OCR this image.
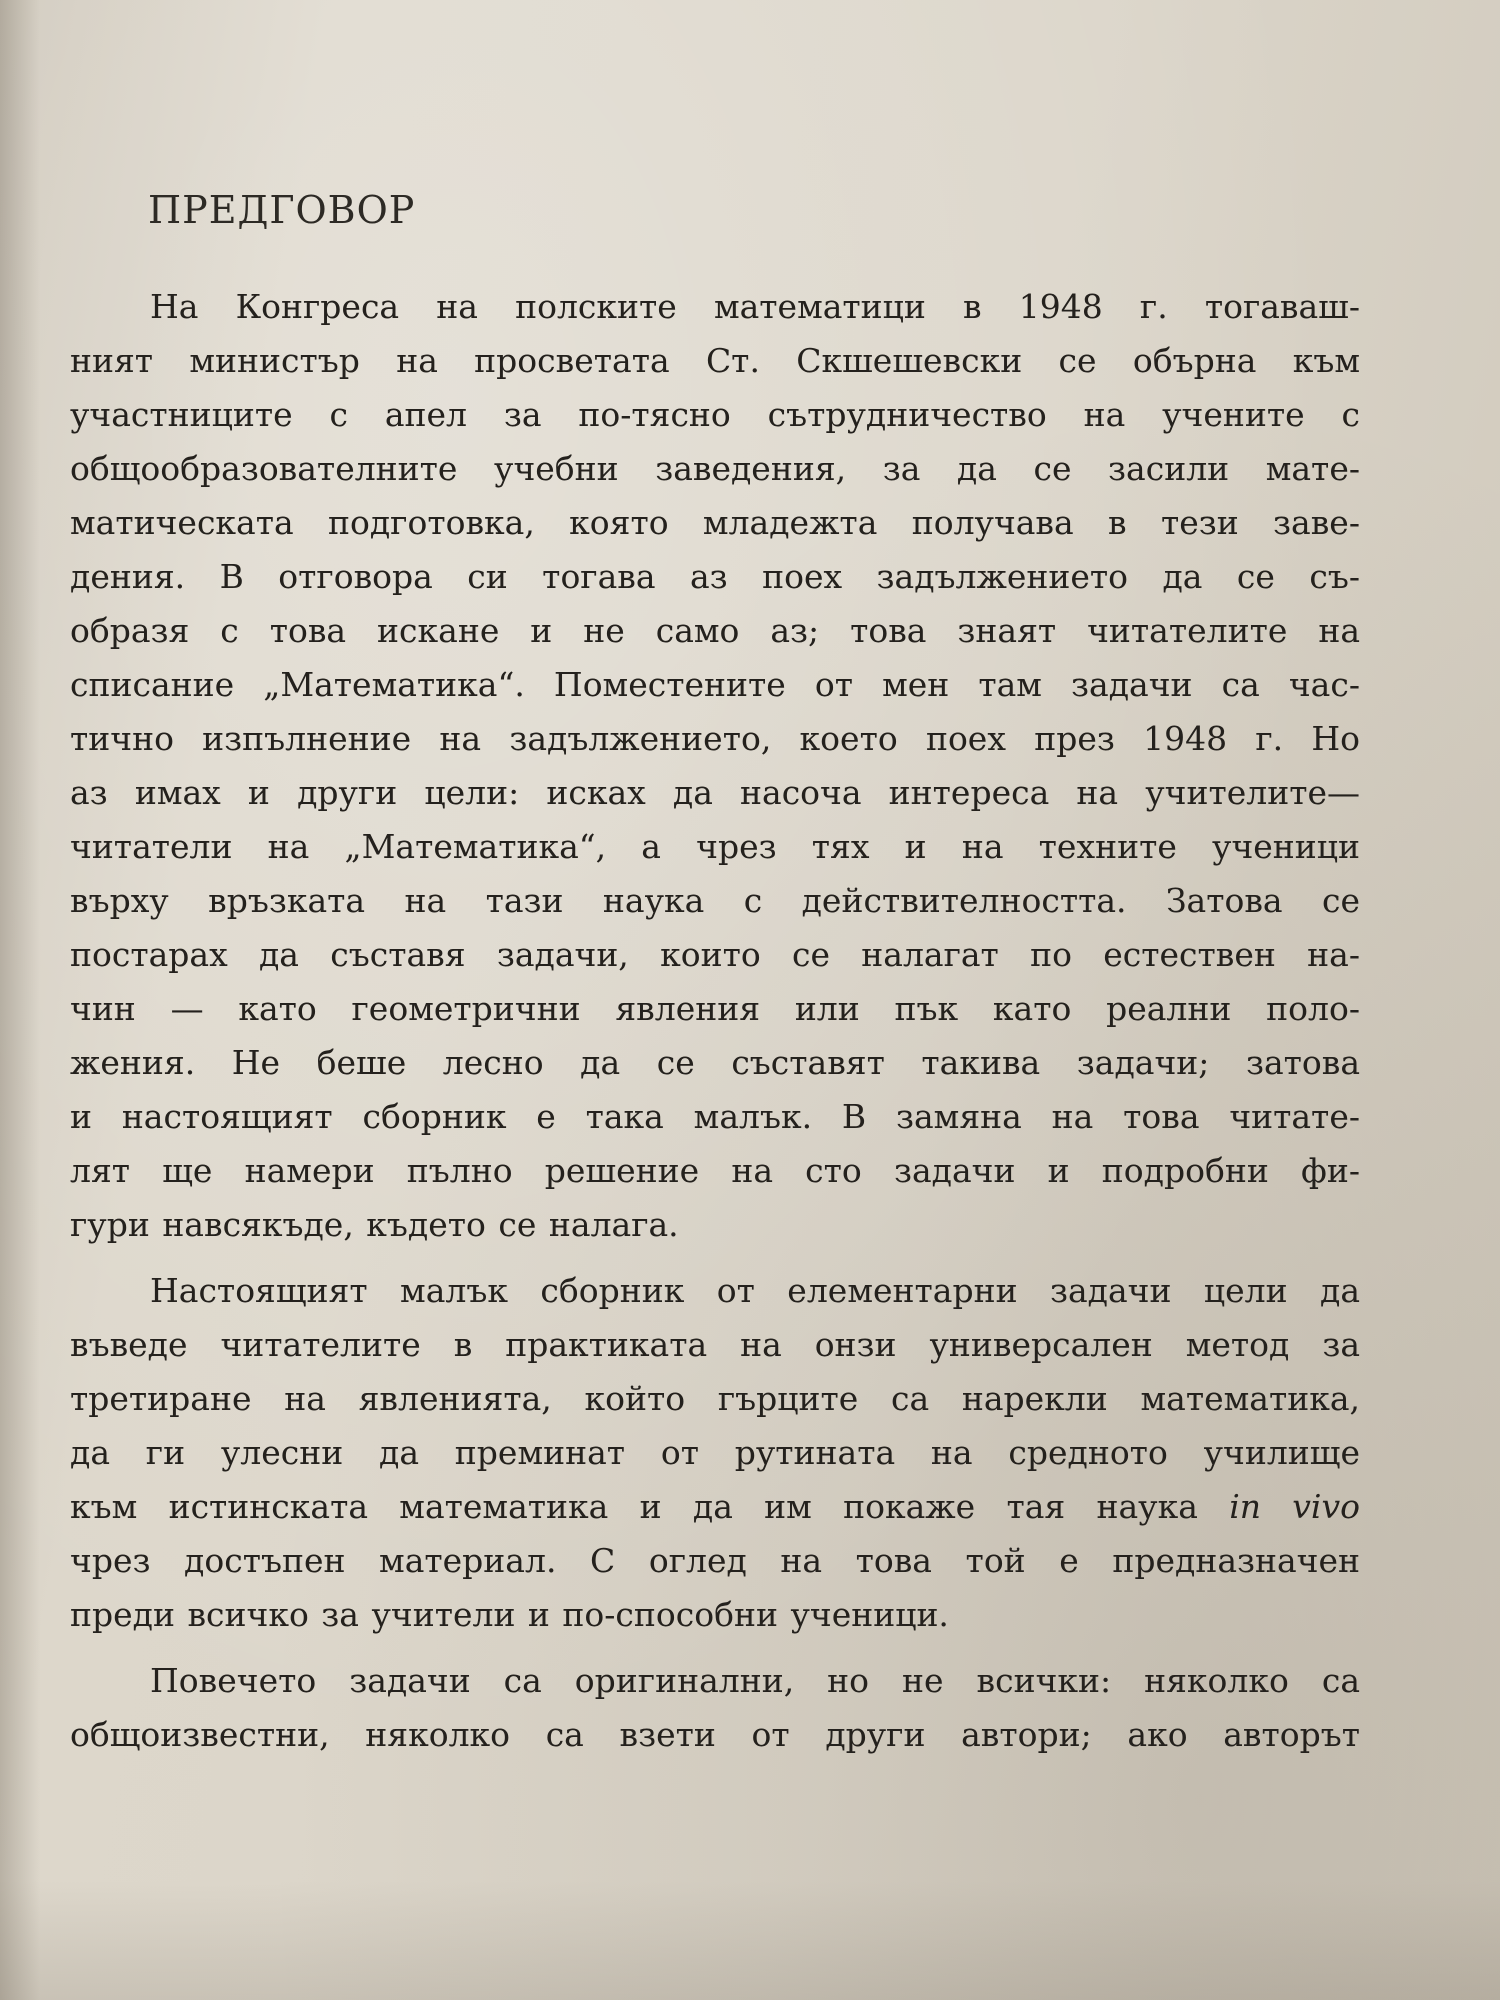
ПРЕДГОВОР
На Конгреса на полските математици в 1948 г. тогаваш-
ният министър на просветата Ст. Скшешевски се обърна към
участниците с апел за по-тясно сътрудничество на учените с
общообразователните учебни заведения, за да се засили мате-
матическата подготовка, която младежта получава в тези заве-
дения. В отговора си тогава аз поех задължението да се съ-
образя с това искане и не само аз; това знаят читателите на
списание „Математика“. Поместените от мен там задачи са час-
тично изпълнение на задължението, което поех през 1948 г. Но
аз имах и други цели: исках да насоча интереса на учителите—
читатели на „Математика“, а чрез тях и на техните ученици
върху връзката на тази наука с действителността. Затова се
постарах да съставя задачи, които се налагат по естествен на-
чин — като геометрични явления или пък като реални поло-
жения. Не беше лесно да се съставят такива задачи; затова
и настоящият сборник е така малък. В замяна на това читате-
лят ще намери пълно решение на сто задачи и подробни фи-
гури навсякъде, където се налага.
Настоящият малък сборник от елементарни задачи цели да
въведе читателите в практиката на онзи универсален метод за
третиране на явленията, който гърците са нарекли математика,
да ги улесни да преминат от рутината на средното училище
към истинската математика и да им покаже тая наука in vivo
чрез достъпен материал. С оглед на това той е предназначен
преди всичко за учители и по-способни ученици.
Повечето задачи са оригинални, но не всички: няколко са
общоизвестни, няколко са взети от други автори; ако авторът
